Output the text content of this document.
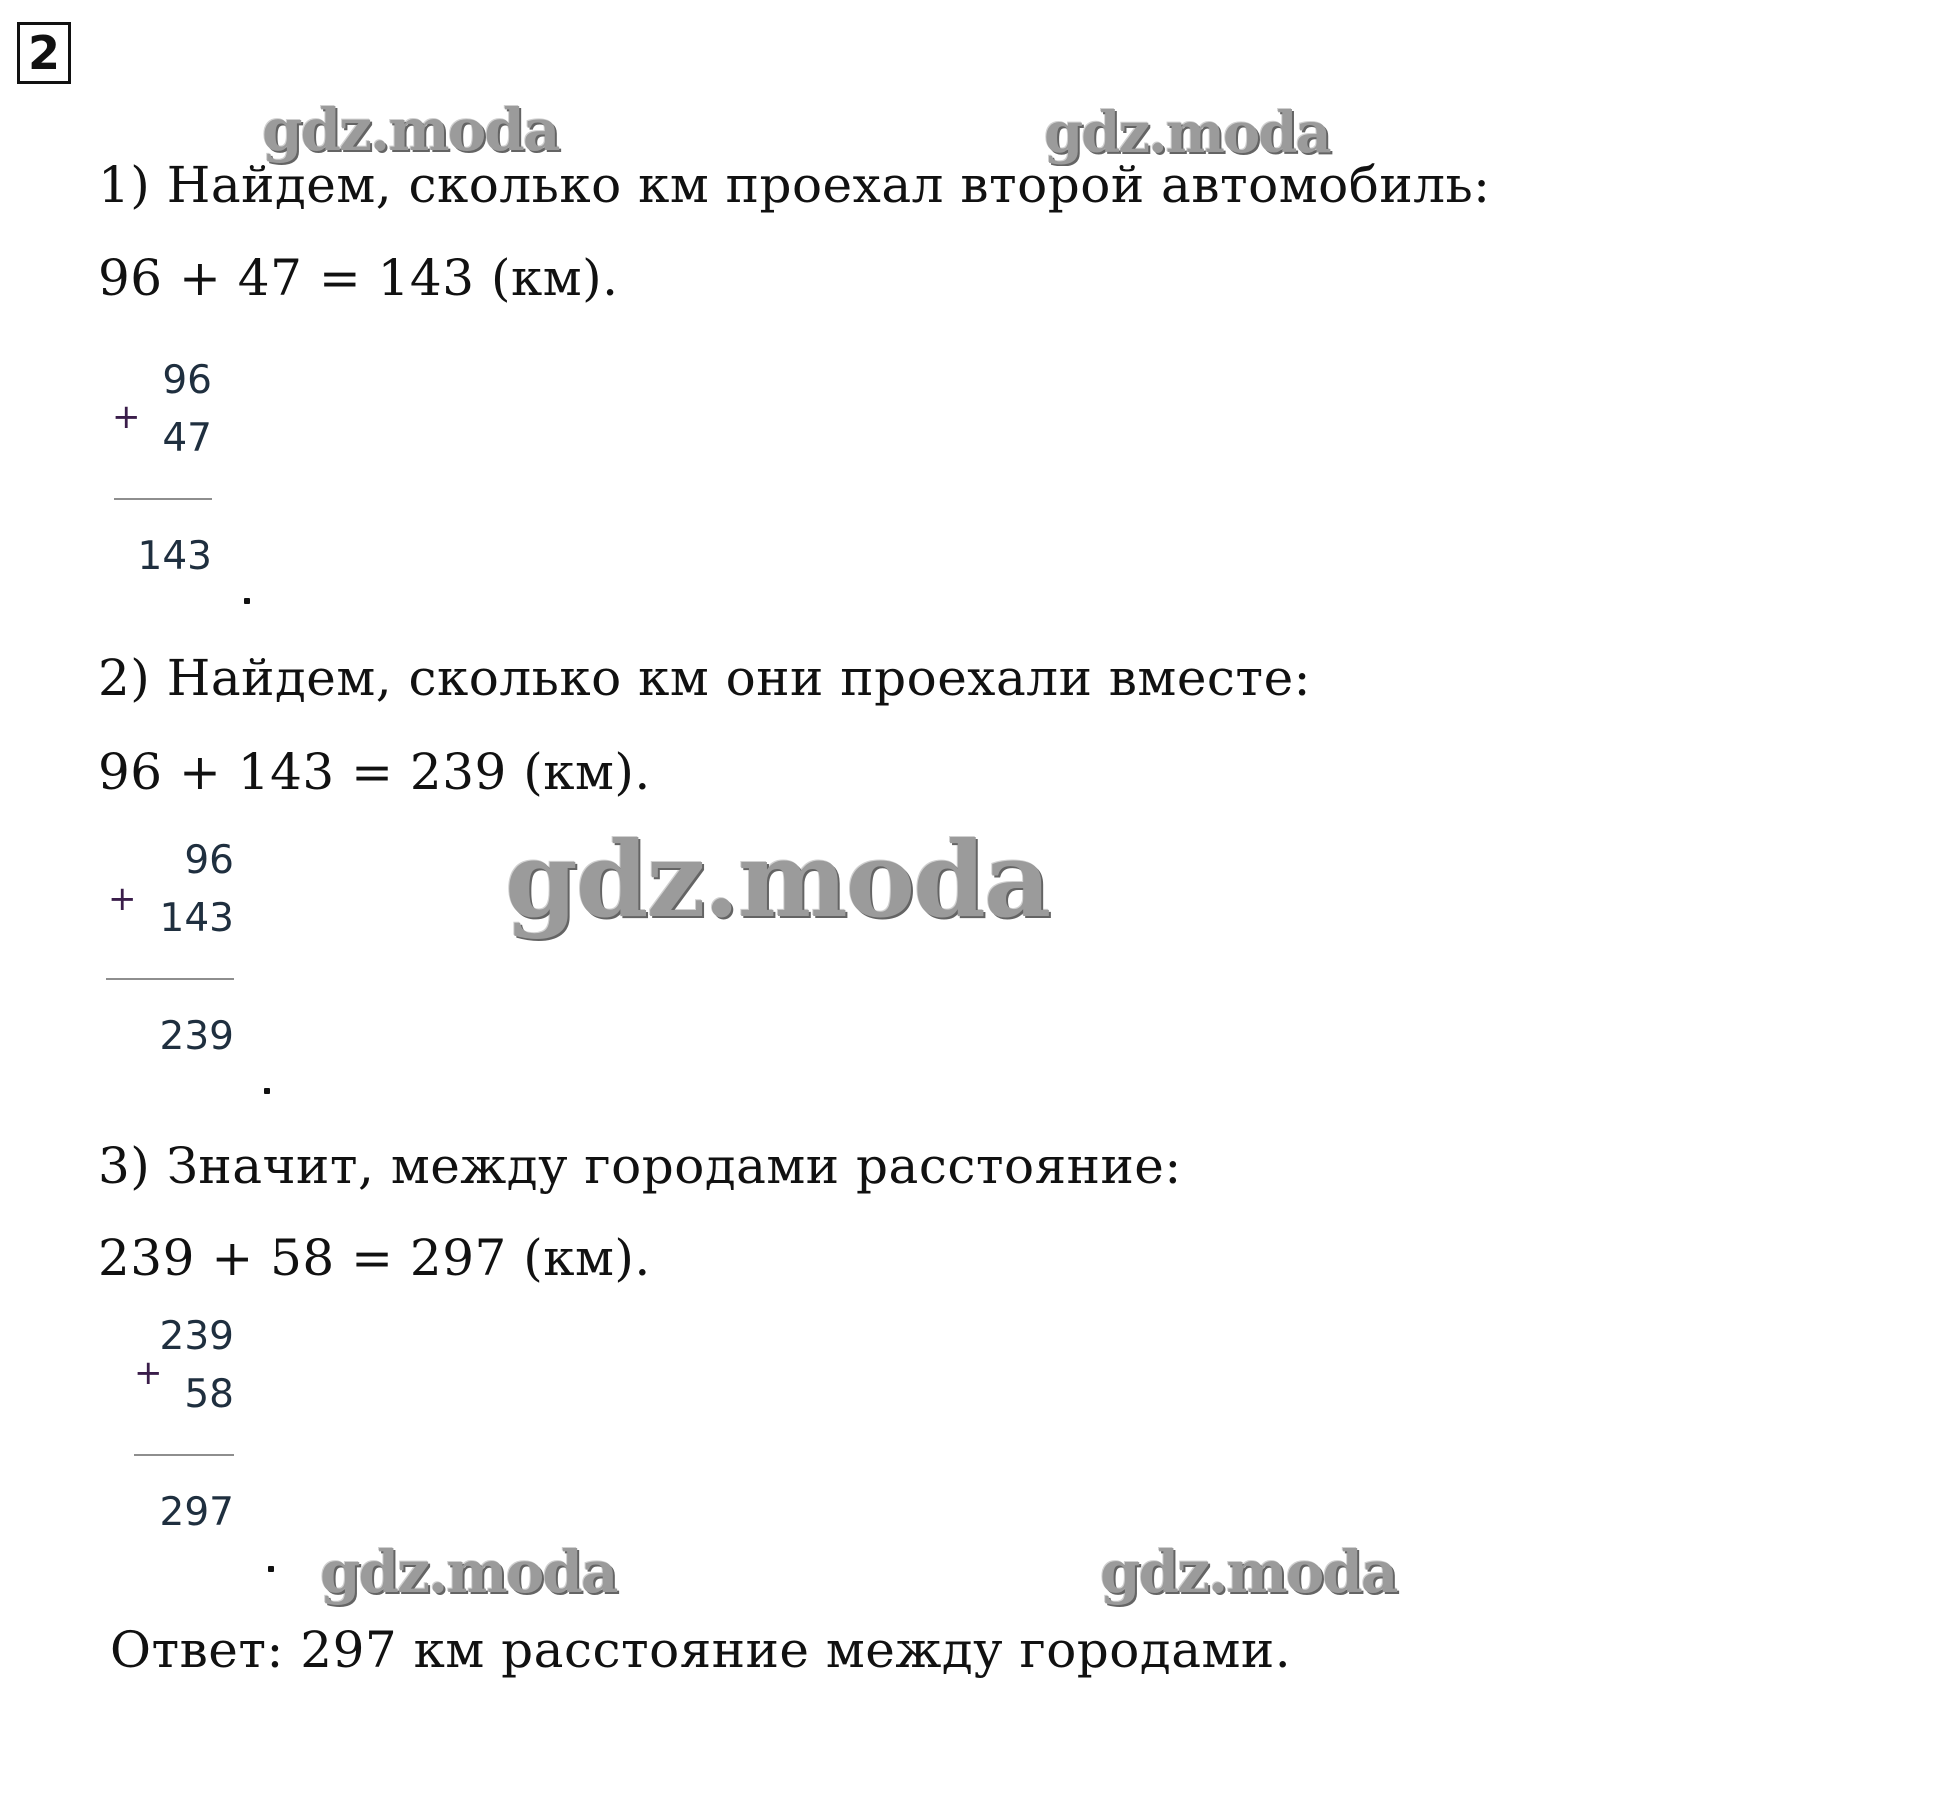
2
gdz.moda	gdz.moda
gdz.moda
gdz.moda	gdz.moda
1) Найдем, сколько км проехал второй автомобиль:
96 + 47 = 143 (км).
+
96
47
143
2) Найдем, сколько км они проехали вместе:
96 + 143 = 239 (км).
+
96
143
239
3) Значит, между городами расстояние:
239 + 58 = 297 (км).
+
239
58
297
Ответ: 297 км расстояние между городами.
